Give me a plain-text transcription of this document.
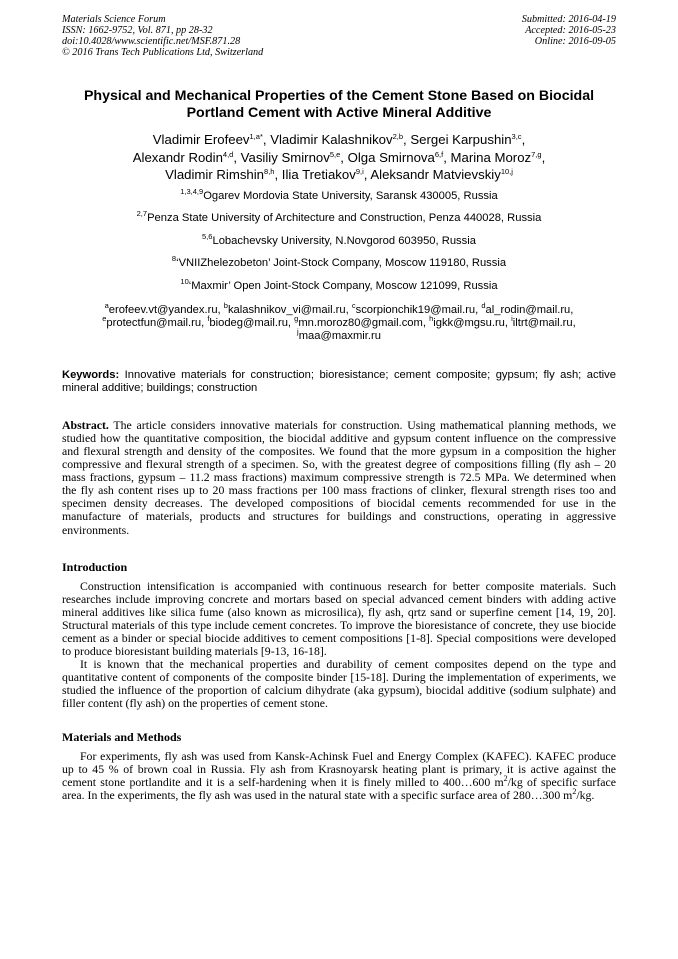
Materials Science Forum
ISSN: 1662-9752, Vol. 871, pp 28-32
doi:10.4028/www.scientific.net/MSF.871.28
© 2016 Trans Tech Publications Ltd, Switzerland
Submitted: 2016-04-19
Accepted: 2016-05-23
Online: 2016-09-05
Physical and Mechanical Properties of the Cement Stone Based on Biocidal Portland Cement with Active Mineral Additive
Vladimir Erofeev$^{1,a*}$, Vladimir Kalashnikov$^{2,b}$, Sergei Karpushin$^{3,c}$,
Alexandr Rodin$^{4,d}$, Vasiliy Smirnov$^{5,e}$, Olga Smirnova$^{6,f}$, Marina Moroz$^{7,g}$,
Vladimir Rimshin$^{8,h}$, Ilia Tretiakov$^{9,i}$, Aleksandr Matvievskiy$^{10,j}$
$^{1,3,4,9}$Ogarev Mordovia State University, Saransk 430005, Russia
$^{2,7}$Penza State University of Architecture and Construction, Penza 440028, Russia
$^{5,6}$Lobachevsky University, N.Novgorod 603950, Russia
$^8$‘VNIIZhelezobeton’ Joint-Stock Company, Moscow 119180, Russia
$^{10}$‘Maxmir’ Open Joint-Stock Company, Moscow 121099, Russia
$^a$erofeev.vt@yandex.ru, $^b$kalashnikov_vi@mail.ru, $^c$scorpionchik19@mail.ru, $^d$al_rodin@mail.ru,
$^e$protectfun@mail.ru, $^f$biodeg@mail.ru, $^g$mn.moroz80@gmail.com, $^h$igkk@mgsu.ru, $^i$iltrt@mail.ru,
$^j$maa@maxmir.ru
Keywords: Innovative materials for construction; bioresistance; cement composite; gypsum; fly ash; active mineral additive; buildings; construction
Abstract. The article considers innovative materials for construction. Using mathematical planning methods, we studied how the quantitative composition, the biocidal additive and gypsum content influence on the compressive and flexural strength and density of the composites. We found that the more gypsum in a composition the higher compressive and flexural strength of a specimen. So, with the greatest degree of compositions filling (fly ash – 20 mass fractions, gypsum – 11.2 mass fractions) maximum compressive strength is 72.5 MPa. We determined when the fly ash content rises up to 20 mass fractions per 100 mass fractions of clinker, flexural strength rises too and specimen density decreases. The developed compositions of biocidal cements recommended for use in the manufacture of materials, products and structures for buildings and constructions, operating in aggressive environments.
Introduction

Construction intensification is accompanied with continuous research for better composite materials. Such researches include improving concrete and mortars based on special advanced cement binders with adding active mineral additives like silica fume (also known as microsilica), fly ash, qrtz sand or superfine cement [14, 19, 20]. Structural materials of this type include cement concretes. To improve the bioresistance of concrete, they use biocide cement as a binder or special biocide additives to cement compositions [1-8]. Special compositions were developed to produce bioresistant building materials [9-13, 16-18].

It is known that the mechanical properties and durability of cement composites depend on the type and quantitative content of components of the composite binder [15-18]. During the implementation of experiments, we studied the influence of the proportion of calcium dihydrate (aka gypsum), biocidal additive (sodium sulphate) and filler content (fly ash) on the properties of cement stone.

Materials and Methods

For experiments, fly ash was used from Kansk-Achinsk Fuel and Energy Complex (KAFEC). KAFEC produce up to 45 % of brown coal in Russia. Fly ash from Krasnoyarsk heating plant is primary, it is active against the cement stone portlandite and it is a self-hardening when it is finely milled to 400…600 $m^2/kg$ of specific surface area. In the experiments, the fly ash was used in the natural state with a specific surface area of 280…300 $m^2/kg$.
